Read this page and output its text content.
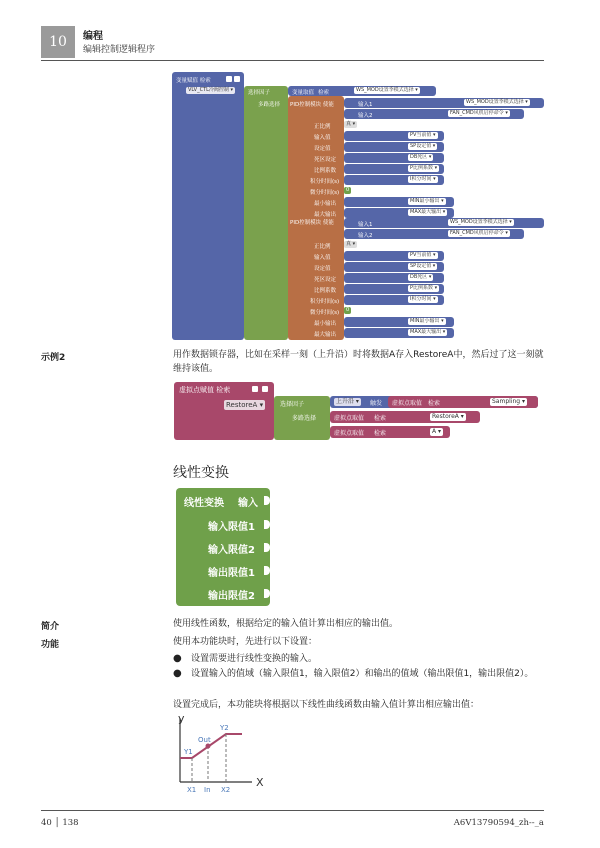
10	编程
编辑控制逻辑程序
变量赋值 检索
VLV_CTL冷阀控制 ▾	选择因子
多路选择
变量取值 检索	WS_MOD设置季模式选择 ▾
PID控制模块 使能
PID控制模块 使能
输入1	WS_MOD设置季模式选择 ▾
输入2	FAN_CMD风机启停命令 ▾
输入1	WS_MOD设置季模式选择 ▾
输入2	FAN_CMD风机启停命令 ▾
正比例	真 ▾
输入值	PV当前值 ▾
设定值	SP设定值 ▾
死区设定	DB死区 ▾
比例系数	P比例系数 ▾
积分时间(s)	I积分时间 ▾
微分时间(s)	0
最小输出	MIN最小输出 ▾
最大输出	MAX最大输出 ▾
正比例	真 ▾
输入值	PV当前值 ▾
设定值	SP设定值 ▾
死区设定	DB死区 ▾
比例系数	P比例系数 ▾
积分时间(s)	I积分时间 ▾
微分时间(s)	0
最小输出	MIN最小输出 ▾
最大输出	MAX最大输出 ▾
示例2	用作数据锁存器，比如在采样一刻（上升沿）时将数据A存入RestoreA中，然后过了这一刻就维持该值。
虚拟点赋值 检索
RestoreA ▾	选择因子
多路选择
上升沿 ▾	触发 虚拟点取值 检索	Sampling ▾
虚拟点取值 检索	RestoreA ▾
虚拟点取值 检索	A ▾
线性变换
线性变换 输入
输入限值1
输入限值2
输出限值1
输出限值2
简介	使用线性函数，根据给定的输入值计算出相应的输出值。
功能	使用本功能块时，先进行以下设置：
●	设置需要进行线性变换的输入。
●	设置输入的值域（输入限值1，输入限值2）和输出的值域（输出限值1，输出限值2）。
设置完成后，本功能块将根据以下线性曲线函数由输入值计算出相应输出值：
y
X
Y1
Y2
Out
X1 In X2
40 │ 138	A6V13790594_zh--_a
